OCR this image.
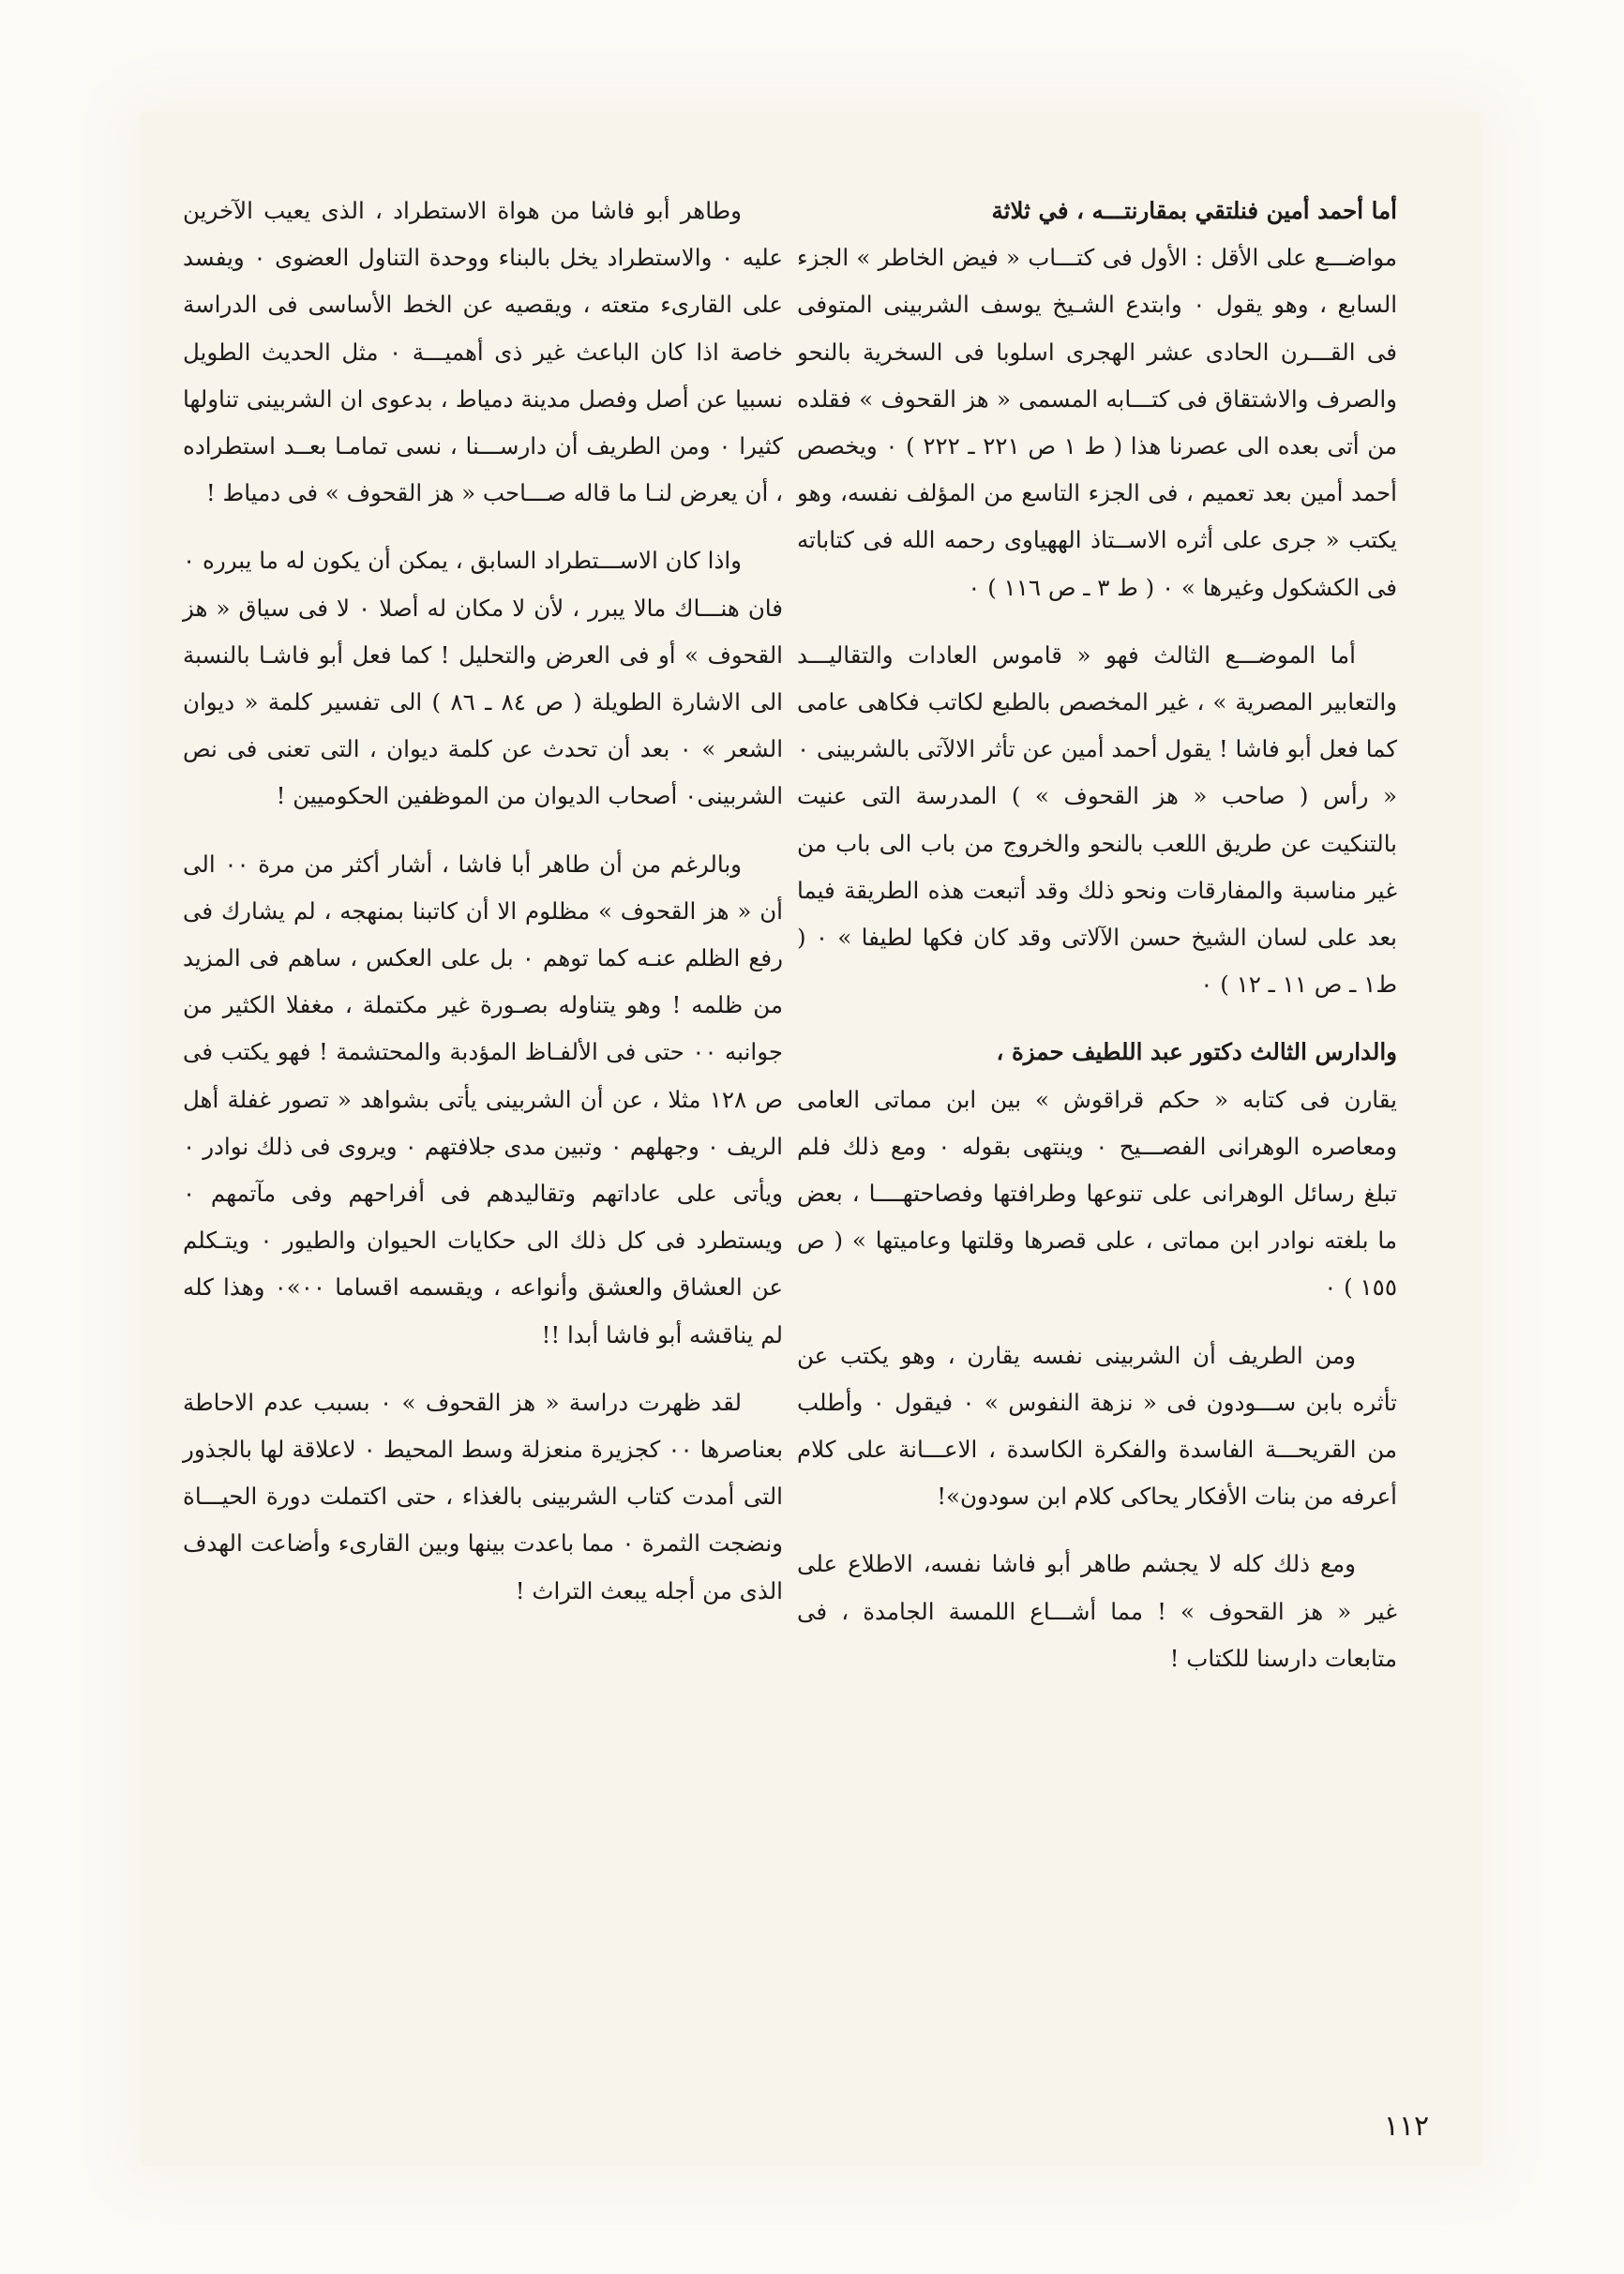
أما أحمد أمين فنلتقي بمقارنتـــه ، في ثلاثة
مواضـــع على الأقل : الأول فى كتـــاب « فيض الخاطر » الجزء السابع ، وهو يقول ٠ وابتدع الشـيخ يوسف الشربينى المتوفى فى القـــرن الحادى عشر الهجرى اسلوبا فى السخرية بالنحو والصرف والاشتقاق فى كتـــابه المسمى « هز القحوف » فقلده من أتى بعده الى عصرنا هذا ( ط ١ ص ٢٢١ ـ ٢٢٢ ) ٠ ويخصص أحمد أمين بعد تعميم ، فى الجزء التاسع من المؤلف نفسه، وهو يكتب « جرى على أثره الاســتاذ الههياوى رحمه الله فى كتاباته فى الكشكول وغيرها » ٠ ( ط ٣ ـ ص ١١٦ ) ٠

أما الموضـــع الثالث فهو « قاموس العادات والتقاليـــد والتعابير المصرية » ، غير المخصص بالطبع لكاتب فكاهى عامى كما فعل أبو فاشا ! يقول أحمد أمين عن تأثر الالآتى بالشربينى ٠ « رأس ( صاحب « هز القحوف » ) المدرسة التى عنيت بالتنكيت عن طريق اللعب بالنحو والخروج من باب الى باب من غير مناسبة والمفارقات ونحو ذلك وقد أتبعت هذه الطريقة فيما بعد على لسان الشيخ حسن الآلاتى وقد كان فكها لطيفا » ٠ ( ط١ ـ ص ١١ ـ ١٢ ) ٠

والدارس الثالث دكتور عبد اللطيف حمزة ،
يقارن فى كتابه « حكم قراقوش » بين ابن مماتى العامى ومعاصره الوهرانى الفصـــيح ٠ وينتهى بقوله ٠ ومع ذلك فلم تبلغ رسائل الوهرانى على تنوعها وطرافتها وفصاحتهــــا ، بعض ما بلغته نوادر ابن مماتى ، على قصرها وقلتها وعاميتها » ( ص ١٥٥ ) ٠

ومن الطريف أن الشربينى نفسه يقارن ، وهو يكتب عن تأثره بابن ســـودون فى « نزهة النفوس » ٠ فيقول ٠ وأطلب من القريحـــة الفاسدة والفكرة الكاسدة ، الاعـــانة على كلام أعرفه من بنات الأفكار يحاكى كلام ابن سودون»!

ومع ذلك كله لا يجشم طاهر أبو فاشا نفسه، الاطلاع على غير « هز القحوف » ! مما أشـــاع اللمسة الجامدة ، فى متابعات دارسنا للكتاب !

وطاهر أبو فاشا من هواة الاستطراد ، الذى يعيب الآخرين عليه ٠ والاستطراد يخل بالبناء ووحدة التناول العضوى ٠ ويفسد على القارىء متعته ، ويقصيه عن الخط الأساسى فى الدراسة خاصة اذا كان الباعث غير ذى أهميـــة ٠ مثل الحديث الطويل نسبيا عن أصل وفصل مدينة دمياط ، بدعوى ان الشربينى تناولها كثيرا ٠ ومن الطريف أن دارســـنا ، نسى تمامـا بعــد استطراده ، أن يعرض لنـا ما قاله صـــاحب « هز القحوف » فى دمياط !

واذا كان الاســـتطراد السابق ، يمكن أن يكون له ما يبرره ٠ فان هنـــاك مالا يبرر ، لأن لا مكان له أصلا ٠ لا فى سياق « هز القحوف » أو فى العرض والتحليل ! كما فعل أبو فاشـا بالنسبة الى الاشارة الطويلة ( ص ٨٤ ـ ٨٦ ) الى تفسير كلمة « ديوان الشعر » ٠ بعد أن تحدث عن كلمة ديوان ، التى تعنى فى نص الشربينى٠ أصحاب الديوان من الموظفين الحكوميين !

وبالرغم من أن طاهر أبا فاشا ، أشار أكثر من مرة ٠٠ الى أن « هز القحوف » مظلوم الا أن كاتبنا بمنهجه ، لم يشارك فى رفع الظلم عنـه كما توهم ٠ بل على العكس ، ساهم فى المزيد من ظلمه ! وهو يتناوله بصـورة غير مكتملة ، مغفلا الكثير من جوانبه ٠٠ حتى فى الألفـاظ المؤدبة والمحتشمة ! فهو يكتب فى ص ١٢٨ مثلا ، عن أن الشربينى يأتى بشواهد « تصور غفلة أهل الريف ٠ وجهلهم ٠ وتبين مدى جلافتهم ٠ ويروى فى ذلك نوادر ٠ ويأتى على عاداتهم وتقاليدهم فى أفراحهم وفى مآتمهم ٠ ويستطرد فى كل ذلك الى حكايات الحيوان والطيور ٠ ويتـكلم عن العشاق والعشق وأنواعه ، ويقسمه اقساما ٠٠»٠ وهذا كله لم يناقشه أبو فاشا أبدا !!

لقد ظهرت دراسة « هز القحوف » ٠ بسبب عدم الاحاطة بعناصرها ٠٠ كجزيرة منعزلة وسط المحيط ٠ لاعلاقة لها بالجذور التى أمدت كتاب الشربينى بالغذاء ، حتى اكتملت دورة الحيـــاة ونضجت الثمرة ٠ مما باعدت بينها وبين القارىء وأضاعت الهدف الذى من أجله يبعث التراث !

١١٢
